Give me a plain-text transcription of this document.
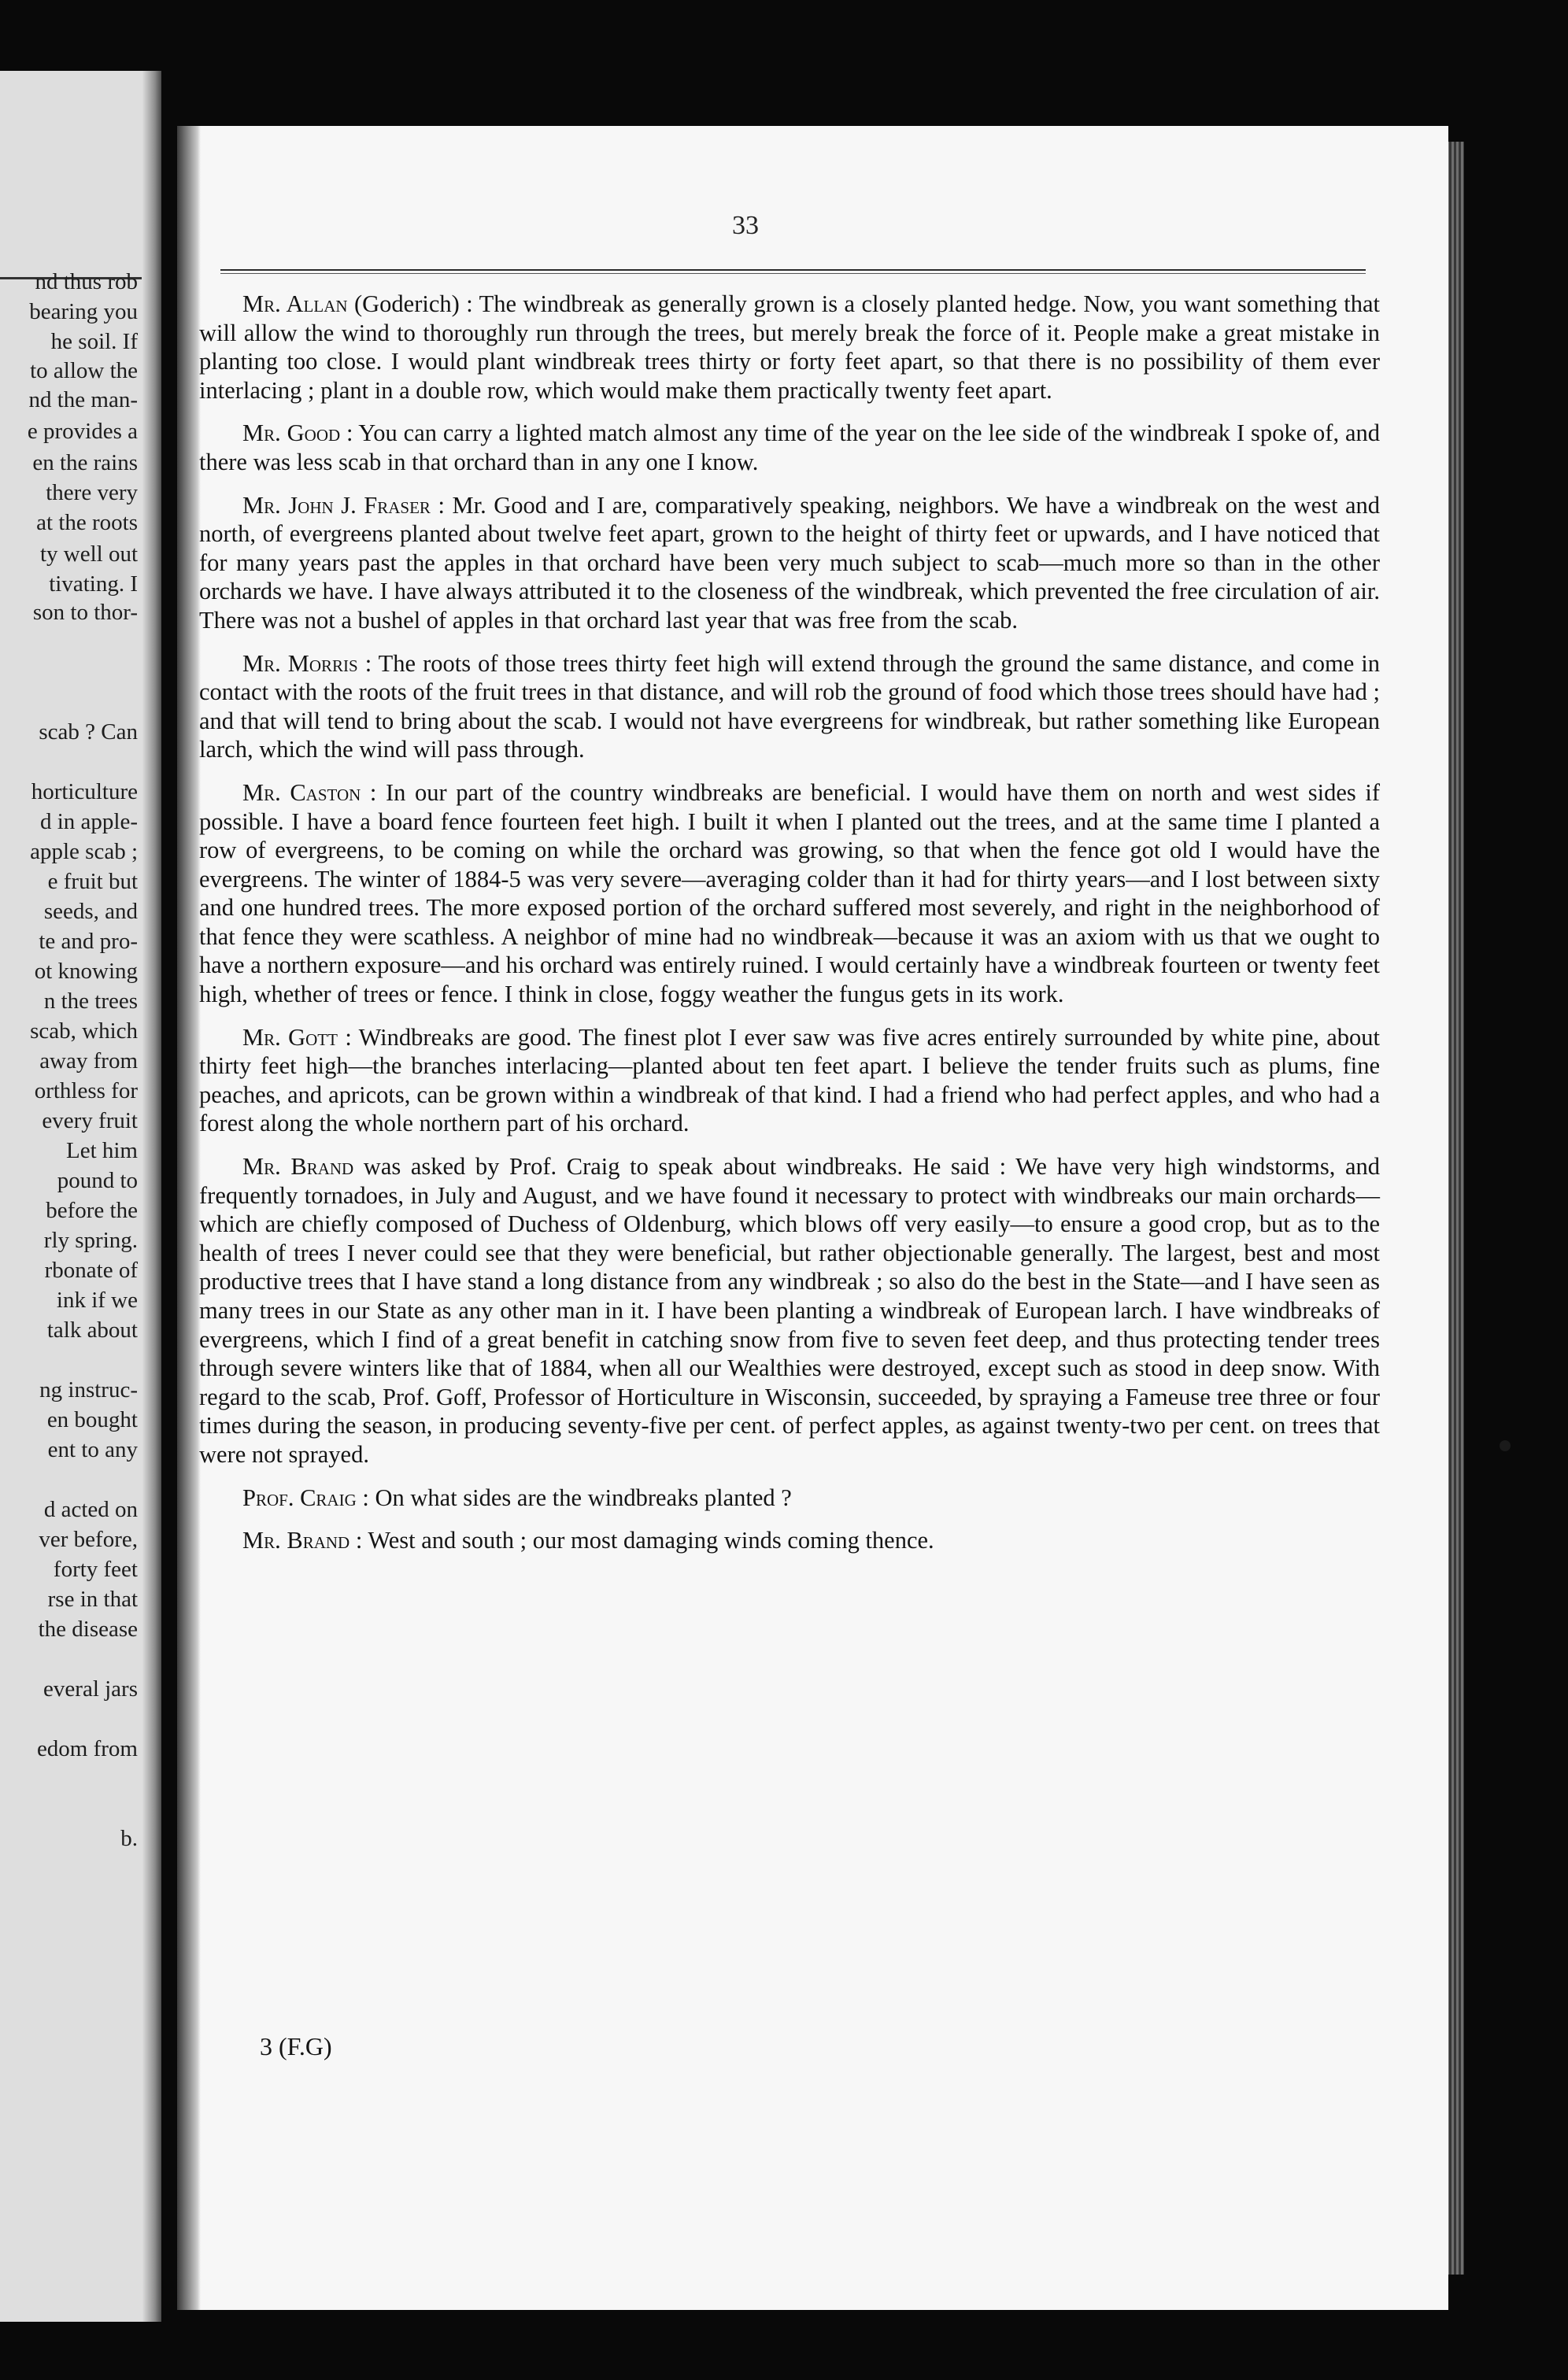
nd thus rob
bearing you
he soil. If
to allow the
nd the man-
e provides a
en the rains
there very
at the roots
ty well out
tivating. I
son to thor-
scab ? Can
horticulture
d in apple-
apple scab ;
e fruit but
seeds, and
te and pro-
ot knowing
n the trees
scab, which
away from
orthless for
every fruit
Let him
pound to
before the
rly spring.
rbonate of
ink if we
talk about
ng instruc-
en bought
ent to any
d acted on
ver before,
forty feet
rse in that
the disease
everal jars
edom from
b.
33

Mr. Allan (Goderich) : The windbreak as generally grown is a closely planted hedge. Now, you want something that will allow the wind to thoroughly run through the trees, but merely break the force of it. People make a great mistake in planting too close. I would plant windbreak trees thirty or forty feet apart, so that there is no possibility of them ever interlacing ; plant in a double row, which would make them practically twenty feet apart.

Mr. Good : You can carry a lighted match almost any time of the year on the lee side of the windbreak I spoke of, and there was less scab in that orchard than in any one I know.

Mr. John J. Fraser : Mr. Good and I are, comparatively speaking, neighbors. We have a windbreak on the west and north, of evergreens planted about twelve feet apart, grown to the height of thirty feet or upwards, and I have noticed that for many years past the apples in that orchard have been very much subject to scab—much more so than in the other orchards we have. I have always attributed it to the closeness of the windbreak, which prevented the free circulation of air. There was not a bushel of apples in that orchard last year that was free from the scab.

Mr. Morris : The roots of those trees thirty feet high will extend through the ground the same distance, and come in contact with the roots of the fruit trees in that distance, and will rob the ground of food which those trees should have had ; and that will tend to bring about the scab. I would not have evergreens for windbreak, but rather something like European larch, which the wind will pass through.

Mr. Caston : In our part of the country windbreaks are beneficial. I would have them on north and west sides if possible. I have a board fence fourteen feet high. I built it when I planted out the trees, and at the same time I planted a row of evergreens, to be coming on while the orchard was growing, so that when the fence got old I would have the evergreens. The winter of 1884-5 was very severe—averaging colder than it had for thirty years—and I lost between sixty and one hundred trees. The more exposed portion of the orchard suffered most severely, and right in the neighborhood of that fence they were scathless. A neighbor of mine had no windbreak—because it was an axiom with us that we ought to have a northern exposure—and his orchard was entirely ruined. I would certainly have a windbreak fourteen or twenty feet high, whether of trees or fence. I think in close, foggy weather the fungus gets in its work.

Mr. Gott : Windbreaks are good. The finest plot I ever saw was five acres entirely surrounded by white pine, about thirty feet high—the branches interlacing—planted about ten feet apart. I believe the tender fruits such as plums, fine peaches, and apricots, can be grown within a windbreak of that kind. I had a friend who had perfect apples, and who had a forest along the whole northern part of his orchard.

Mr. Brand was asked by Prof. Craig to speak about windbreaks. He said : We have very high windstorms, and frequently tornadoes, in July and August, and we have found it necessary to protect with windbreaks our main orchards—which are chiefly composed of Duchess of Oldenburg, which blows off very easily—to ensure a good crop, but as to the health of trees I never could see that they were beneficial, but rather objectionable generally. The largest, best and most productive trees that I have stand a long distance from any windbreak ; so also do the best in the State—and I have seen as many trees in our State as any other man in it. I have been planting a windbreak of European larch. I have windbreaks of evergreens, which I find of a great benefit in catching snow from five to seven feet deep, and thus protecting tender trees through severe winters like that of 1884, when all our Wealthies were destroyed, except such as stood in deep snow. With regard to the scab, Prof. Goff, Professor of Horticulture in Wisconsin, succeeded, by spraying a Fameuse tree three or four times during the season, in producing seventy-five per cent. of perfect apples, as against twenty-two per cent. on trees that were not sprayed.

Prof. Craig : On what sides are the windbreaks planted ?

Mr. Brand : West and south ; our most damaging winds coming thence.

3 (F.G)
